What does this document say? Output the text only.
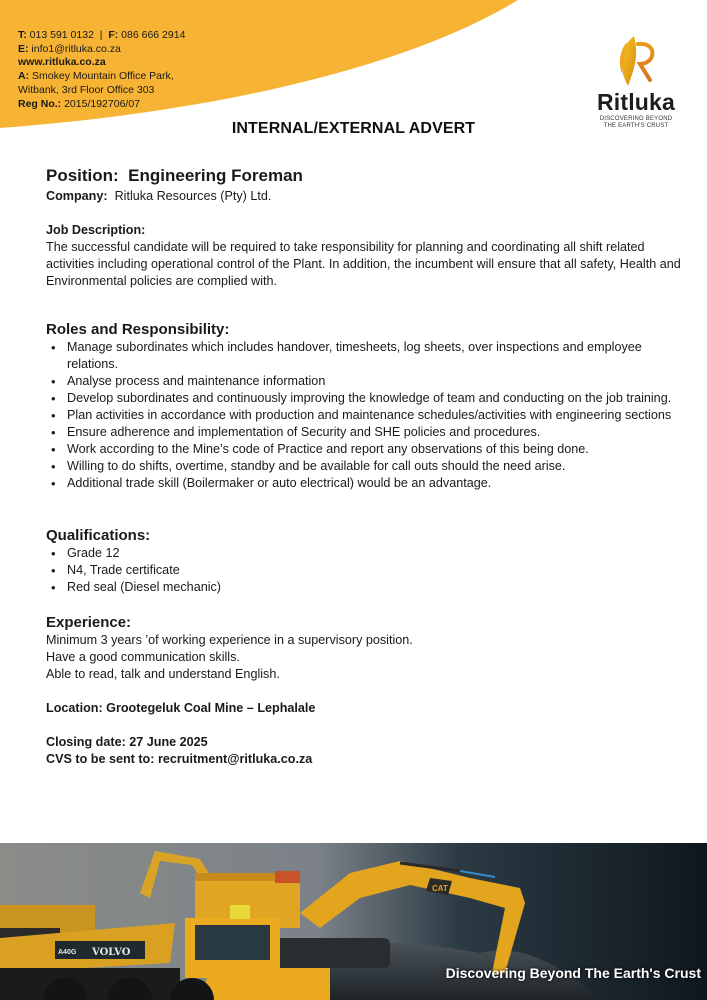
T: 013 591 0132 | F: 086 666 2914
E: info1@ritluka.co.za
www.ritluka.co.za
A: Smokey Mountain Office Park,
Witbank, 3rd Floor Office 303
Reg No.: 2015/192706/07	Ritluka
DISCOVERING BEYOND
THE EARTH'S CRUST
INTERNAL/EXTERNAL ADVERT
Position: Engineering Foreman
Company: Ritluka Resources (Pty) Ltd.
Job Description:

The successful candidate will be required to take responsibility for planning and coordinating all shift related activities including operational control of the Plant. In addition, the incumbent will ensure that all safety, Health and Environmental policies are complied with.

Roles and Responsibility:
• Manage subordinates which includes handover, timesheets, log sheets, over inspections and employee relations.
• Analyse process and maintenance information
• Develop subordinates and continuously improving the knowledge of team and conducting on the job training.
• Plan activities in accordance with production and maintenance schedules/activities with engineering sections
• Ensure adherence and implementation of Security and SHE policies and procedures.
• Work according to the Mine’s code of Practice and report any observations of this being done.
• Willing to do shifts, overtime, standby and be available for call outs should the need arise.
• Additional trade skill (Boilermaker or auto electrical) would be an advantage.
Qualifications:
• Grade 12
• N4, Trade certificate
• Red seal (Diesel mechanic)
Experience:
Minimum 3 years ’of working experience in a supervisory position.
Have a good communication skills.
Able to read, talk and understand English.
Location: Grootegeluk Coal Mine – Lephalale
Closing date: 27 June 2025
CVS to be sent to: recruitment@ritluka.co.za
CAT
A40G VOLVO
Discovering Beyond The Earth's Crust
